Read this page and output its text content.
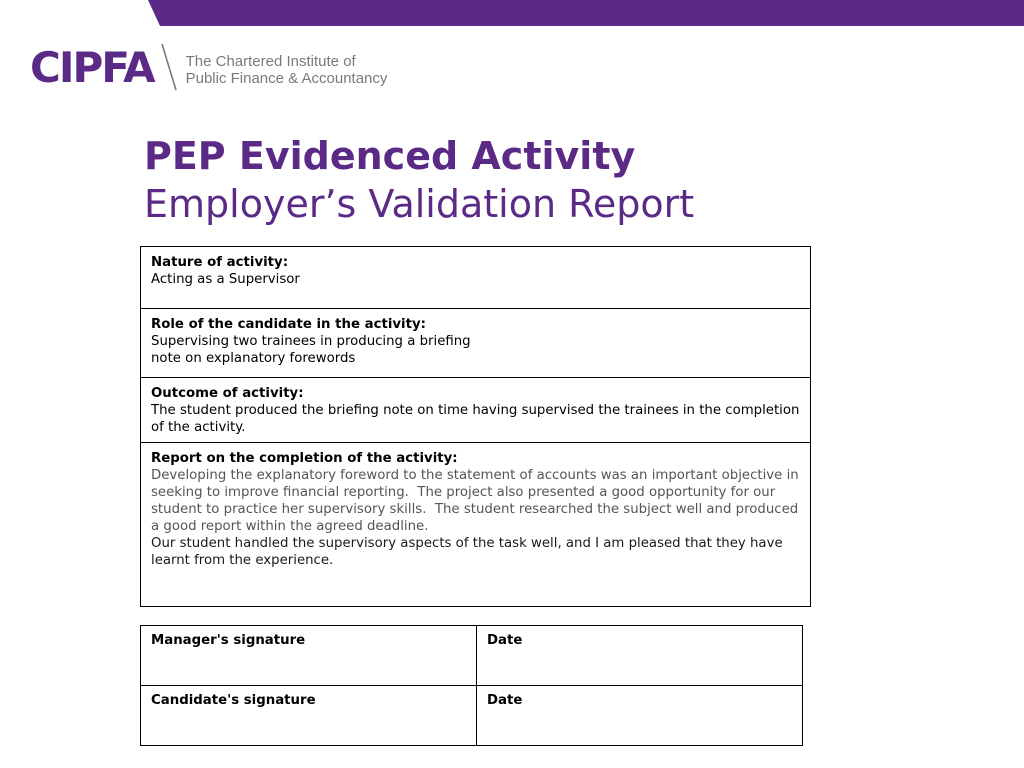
CIPFA The Chartered Institute of
Public Finance & Accountancy
PEP Evidenced Activity
Employer’s Validation Report
Nature of activity:
Acting as a Supervisor

Role of the candidate in the activity:
Supervising two trainees in producing a briefing
note on explanatory forewords

Outcome of activity:
The student produced the briefing note on time having supervised the trainees in the completion of the activity.

Report on the completion of the activity:
Developing the explanatory foreword to the statement of accounts was an important objective in seeking to improve financial reporting.  The project also presented a good opportunity for our student to practice her supervisory skills.  The student researched the subject well and produced a good report within the agreed deadline.
Our student handled the supervisory aspects of the task well, and I am pleased that they have learnt from the experience.
Manager's signature	Date
Candidate's signature	Date
